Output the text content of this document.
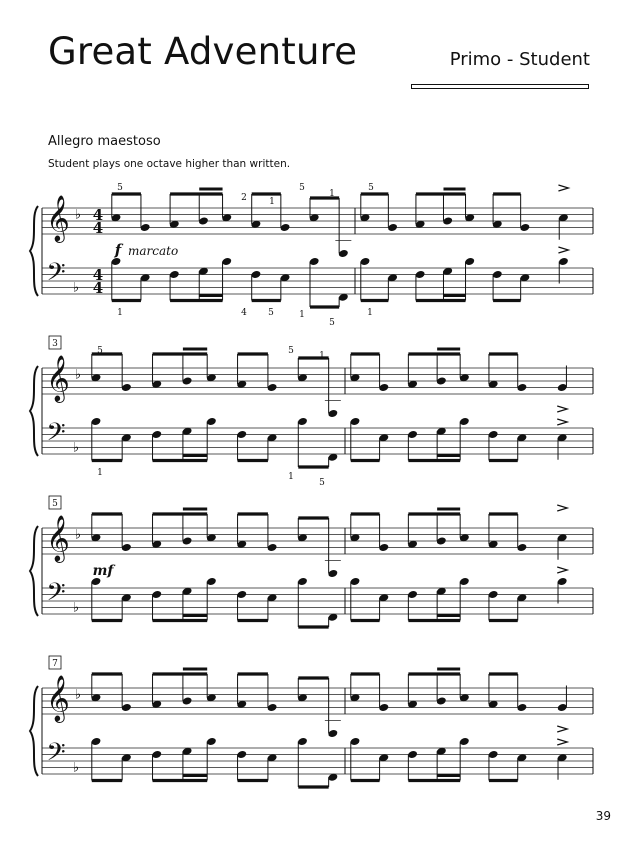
Great Adventure	Primo - Student
Allegro maestoso
Student plays one octave higher than written.
𝄞
𝄢
♭
♭
4
4
4
4
𝄞
𝄢
♭
♭
3
𝄞
𝄢
♭
♭
5
𝄞
𝄢
♭
♭
7
f marcato
mf
5
2 1
5
1
5
1	4 5	1
5
1
5	5	1
1	1
5
39
